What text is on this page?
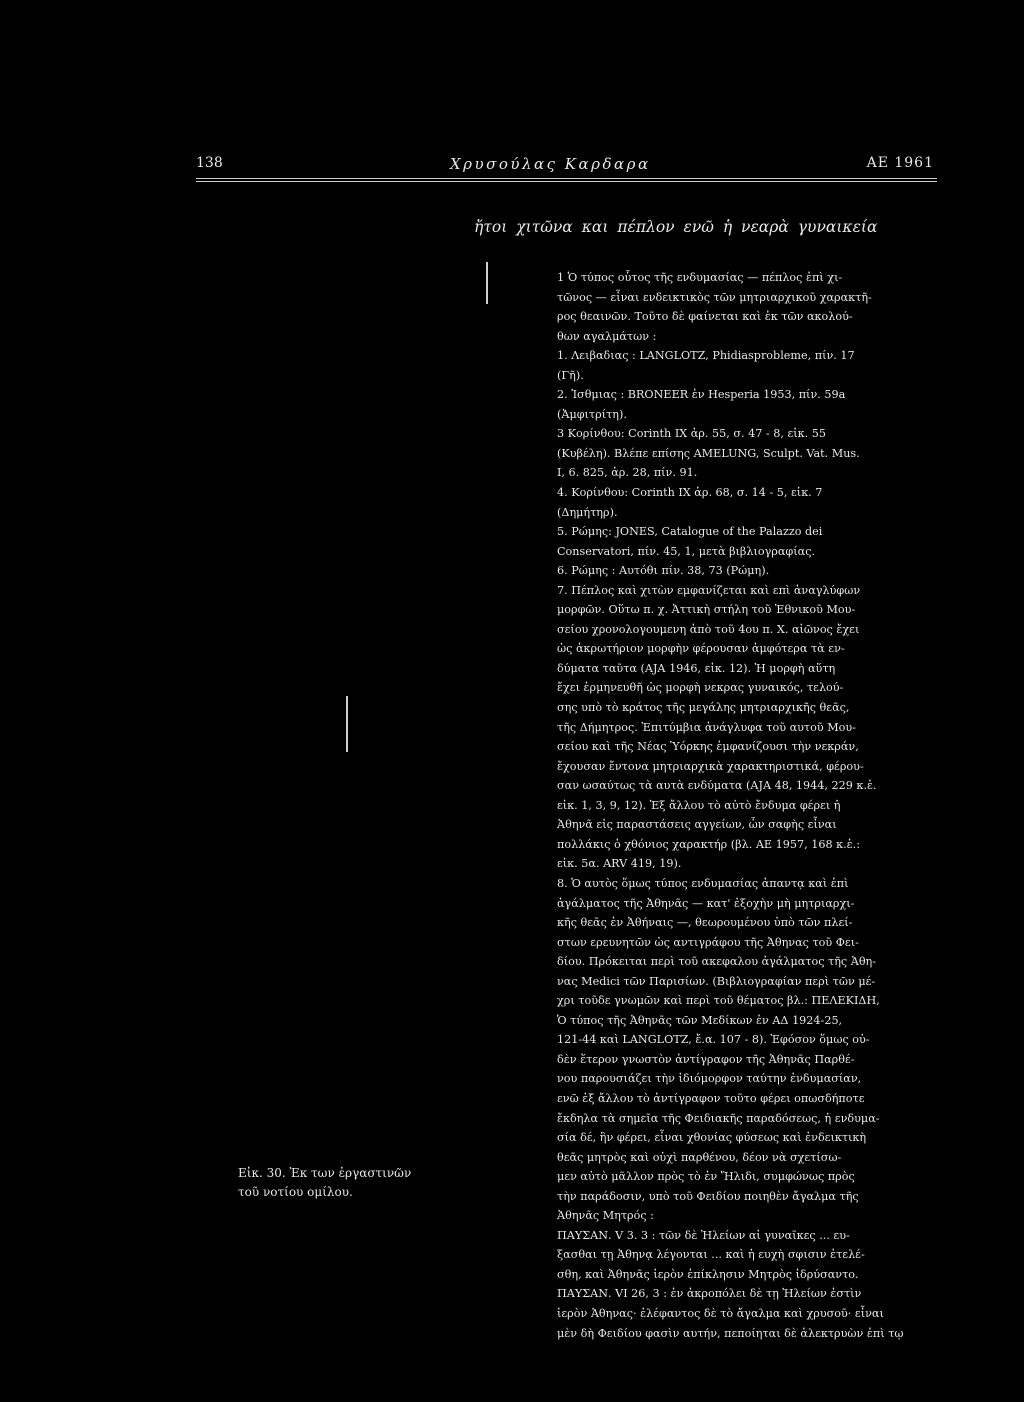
138	Χρυσούλας Καρδαρα	ΑΕ 1961
ἤτοι χιτῶνα και πέπλον ενῶ ἡ νεαρὰ γυναικεία
1 Ὁ τύπος οὗτος τῆς ενδυμασίας — πέπλος ἐπὶ χι-
τῶνος — εἶναι ενδεικτικὸς τῶν μητριαρχικοῦ χαρακτῆ-
ρος θεαινῶν. Τοῦτο δὲ φαίνεται καὶ ἐκ τῶν ακολού-
θων αγαλμάτων :
1. Λειβαδιας : LANGLOTZ, Phidiasprobleme, πίν. 17
(Γῆ).
2. Ἰσθμιας : BRONEER ἐν Hesperia 1953, πίν. 59a
(Ἀμφιτρίτη).
3 Κορίνθου: Corinth IX ἀρ. 55, σ. 47 - 8, εἰκ. 55
(Κυβέλη). Βλέπε επίσης AMELUNG, Sculpt. Vat. Mus.
I, 6. 825, ἀρ. 28, πίν. 91.
4. Κορίνθου: Corinth IX ἀρ. 68, σ. 14 - 5, εἰκ. 7
(Δημήτηρ).
5. Ρώμης: JONES, Catalogue of the Palazzo dei
Conservatori, πίν. 45, 1, μετὰ βιβλιογραφίας.
6. Ρώμης : Αυτόθι πίν. 38, 73 (Ρώμη).
7. Πέπλος καὶ χιτὼν εμφανίζεται καὶ επὶ ἀναγλύφων
μορφῶν. Οὕτω π. χ. Ἀττικὴ στήλη τοῦ Ἐθνικοῦ Μου-
σείου χρονολογουμενη ἀπὸ τοῦ 4ου π. Χ. αἰῶνος ἔχει
ὡς ἀκρωτήριον μορφὴν φέρουσαν ἀμφότερα τὰ εν-
δύματα ταῦτα (AJA 1946, εἰκ. 12). Ἡ μορφὴ αὕτη
ἔχει ἑρμηνευθῆ ὡς μορφὴ νεκρας γυναικός, τελού-
σης υπὸ τὸ κράτος τῆς μεγάλης μητριαρχικῆς θεᾶς,
τῆς Δήμητρος. Ἐπιτύμβια ἀνάγλυφα τοῦ αυτοῦ Μου-
σείου καὶ τῆς Νέας Ὑόρκης ἐμφανίζουσι τὴν νεκράν,
ἔχουσαν ἔντονα μητριαρχικὰ χαρακτηριστικά, φέρου-
σαν ωσαύτως τὰ αυτὰ ενδύματα (AJA 48, 1944, 229 κ.ἑ.
εἰκ. 1, 3, 9, 12). Ἐξ ἄλλου τὸ αὐτὸ ἔνδυμα φέρει ἡ
Ἀθηνᾶ εἰς παραστάσεις αγγείων, ὧν σαφὴς εἶναι
πολλάκις ὁ χθόνιος χαρακτήρ (βλ. ΑΕ 1957, 168 κ.ἑ.:
εἰκ. 5α. ARV 419, 19).
8. Ὁ αυτὸς ὅμως τύπος ενδυμασίας ἀπαντᾳ καὶ ἐπὶ
ἀγάλματος τῆς Ἀθηνᾶς — κατ' ἐξοχὴν μὴ μητριαρχι-
κῆς θεᾶς ἐν Ἀθήναις —, θεωρουμένου ὑπὸ τῶν πλεί-
στων ερευνητῶν ὡς αντιγράφου τῆς Ἀθηνας τοῦ Φει-
δίου. Πρόκειται περὶ τοῦ ακεφαλου ἀγάλματος τῆς Ἀθη-
νας Medici τῶν Παρισίων. (Βιβλιογραφίαν περὶ τῶν μέ-
χρι τοῦδε γνωμῶν καὶ περὶ τοῦ θέματος βλ.: ΠΕΛΕΚΙΔΗ,
Ὁ τύπος τῆς Ἀθηνᾶς τῶν Μεδίκων ἐν ΑΔ 1924-25,
121-44 καὶ LANGLOTZ, ἔ.α. 107 - 8). Ἐφόσον ὅμως οὐ-
δὲν ἕτερον γνωστὸν ἀντίγραφον τῆς Ἀθηνᾶς Παρθέ-
νου παρουσιάζει τὴν ἰδιόμορφον ταύτην ἐνδυμασίαν,
ενῶ ἐξ ἄλλου τὸ ἀντίγραφον τοῦτο φέρει οπωσδήποτε
ἔκδηλα τὰ σημεῖα τῆς Φειδιακῆς παραδόσεως, ἡ ενδυμα-
σία δέ, ἣν φέρει, εἶναι χθονίας φύσεως καὶ ἐνδεικτικὴ
θεᾶς μητρὸς καὶ οὐχὶ παρθένου, δέον νὰ σχετίσω-
μεν αὐτὸ μᾶλλον πρὸς τὸ ἐν Ἤλιδι, συμφώνως πρὸς
τὴν παράδοσιν, υπὸ τοῦ Φειδίου ποιηθὲν ἄγαλμα τῆς
Ἀθηνᾶς Μητρός :
ΠΑΥΣΑΝ. V 3. 3 : τῶν δὲ Ἠλείων αἱ γυναῖκες ... ευ-
ξασθαι τῃ Ἀθηνᾳ λέγονται ... καὶ ἡ ευχὴ σφισιν ἐτελέ-
σθη, καὶ Ἀθηνᾶς ἱερὸν ἐπίκλησιν Μητρὸς ἱδρύσαντο.
ΠΑΥΣΑΝ. VI 26, 3 : ἐν ἀκροπόλει δὲ τῃ Ἠλείων ἐστὶν
ἱερὸν Ἀθηνας· ἐλέφαντος δὲ τὸ ἄγαλμα καὶ χρυσοῦ· εἶναι
μὲν δὴ Φειδίου φασὶν αυτήν, πεποίηται δὲ ἀλεκτρυὼν ἐπὶ τῳ
Εἰκ. 30. Ἐκ των ἐργαστινῶν
τοῦ νοτίου ομίλου.
